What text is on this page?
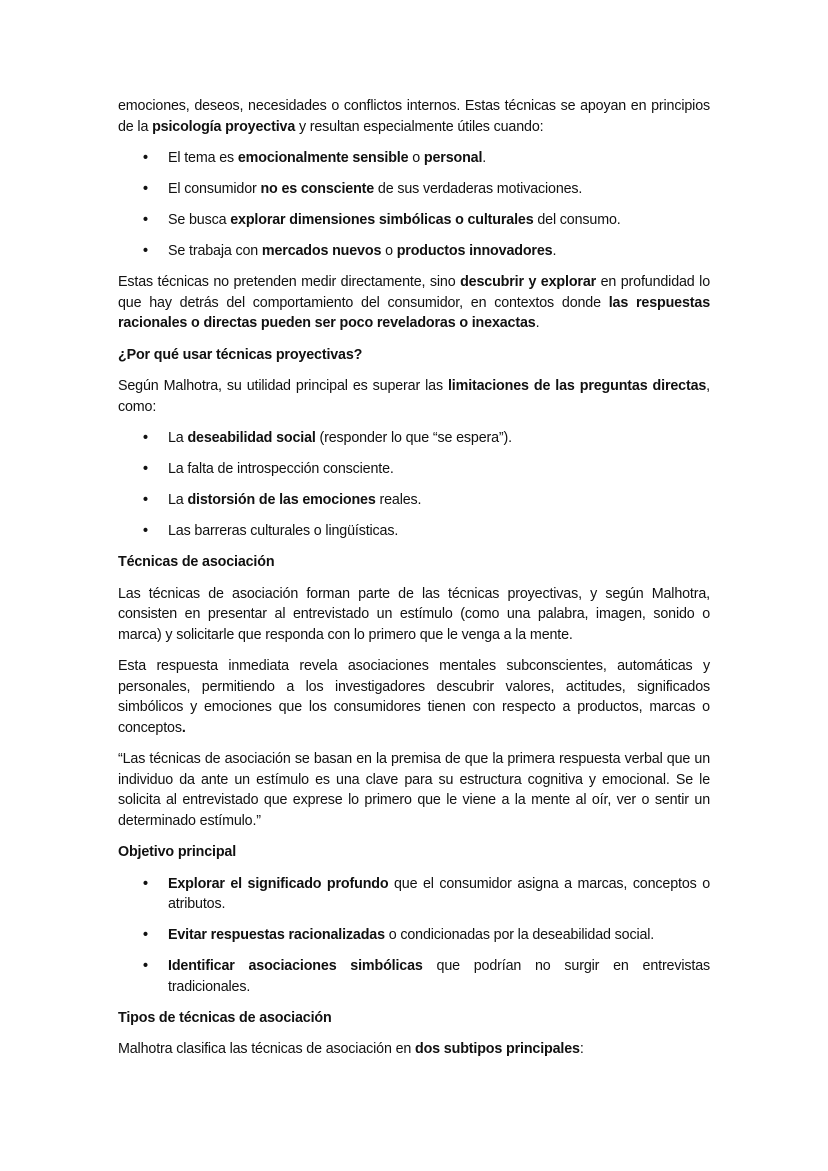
emociones, deseos, necesidades o conflictos internos. Estas técnicas se apoyan en principios de la psicología proyectiva y resultan especialmente útiles cuando:

• El tema es emocionalmente sensible o personal.
• El consumidor no es consciente de sus verdaderas motivaciones.
• Se busca explorar dimensiones simbólicas o culturales del consumo.
• Se trabaja con mercados nuevos o productos innovadores.

Estas técnicas no pretenden medir directamente, sino descubrir y explorar en profundidad lo que hay detrás del comportamiento del consumidor, en contextos donde las respuestas racionales o directas pueden ser poco reveladoras o inexactas.

¿Por qué usar técnicas proyectivas?

Según Malhotra, su utilidad principal es superar las limitaciones de las preguntas directas, como:

• La deseabilidad social (responder lo que “se espera”).
• La falta de introspección consciente.
• La distorsión de las emociones reales.
• Las barreras culturales o lingüísticas.

Técnicas de asociación

Las técnicas de asociación forman parte de las técnicas proyectivas, y según Malhotra, consisten en presentar al entrevistado un estímulo (como una palabra, imagen, sonido o marca) y solicitarle que responda con lo primero que le venga a la mente.

Esta respuesta inmediata revela asociaciones mentales subconscientes, automáticas y personales, permitiendo a los investigadores descubrir valores, actitudes, significados simbólicos y emociones que los consumidores tienen con respecto a productos, marcas o conceptos.

“Las técnicas de asociación se basan en la premisa de que la primera respuesta verbal que un individuo da ante un estímulo es una clave para su estructura cognitiva y emocional. Se le solicita al entrevistado que exprese lo primero que le viene a la mente al oír, ver o sentir un determinado estímulo.”

Objetivo principal

• Explorar el significado profundo que el consumidor asigna a marcas, conceptos o atributos.
• Evitar respuestas racionalizadas o condicionadas por la deseabilidad social.
• Identificar asociaciones simbólicas que podrían no surgir en entrevistas tradicionales.

Tipos de técnicas de asociación

Malhotra clasifica las técnicas de asociación en dos subtipos principales:
